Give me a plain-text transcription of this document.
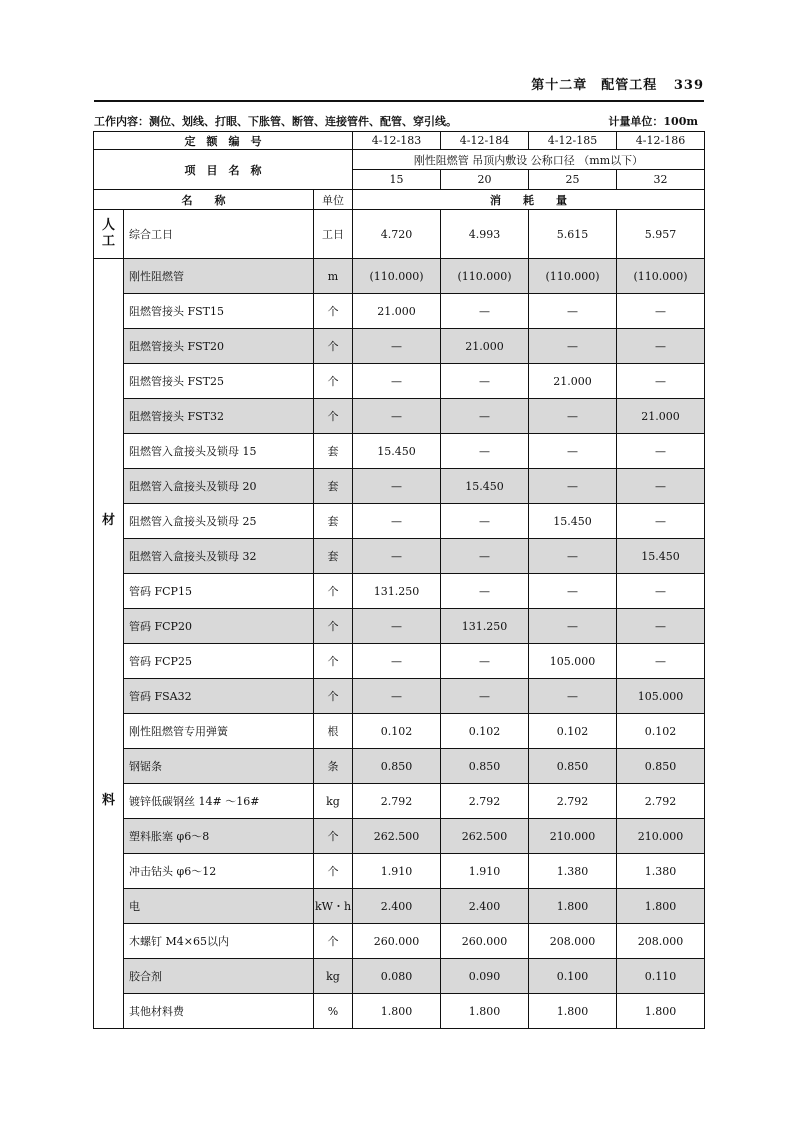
第十二章　配管工程 339
工作内容：测位、划线、打眼、下胀管、断管、连接管件、配管、穿引线。	计量单位：100m
定　额　编　号			4-12-183	4-12-184	4-12-185	4-12-186
项　目　名　称			刚性阻燃管 吊顶内敷设 公称口径 （mm以下）			
			15	20	25	32
名　　称		单位	消　　耗　　量			
人
工	综合工日	工日	4.720	4.993	5.615	5.957

材
料	刚性阻燃管	m	(110.000)	(110.000)	(110.000)	(110.000)
	阻燃管接头 FST15	个	21.000	—	—	—
	阻燃管接头 FST20	个	—	21.000	—	—
	阻燃管接头 FST25	个	—	—	21.000	—
	阻燃管接头 FST32	个	—	—	—	21.000
	阻燃管入盒接头及锁母 15	套	15.450	—	—	—
	阻燃管入盒接头及锁母 20	套	—	15.450	—	—
	阻燃管入盒接头及锁母 25	套	—	—	15.450	—
	阻燃管入盒接头及锁母 32	套	—	—	—	15.450
	管码 FCP15	个	131.250	—	—	—
	管码 FCP20	个	—	131.250	—	—
	管码 FCP25	个	—	—	105.000	—
	管码 FSA32	个	—	—	—	105.000
	刚性阻燃管专用弹簧	根	0.102	0.102	0.102	0.102
	钢锯条	条	0.850	0.850	0.850	0.850
	镀锌低碳钢丝 14# ～16#	kg	2.792	2.792	2.792	2.792
	塑料胀塞 φ6～8	个	262.500	262.500	210.000	210.000
	冲击钻头 φ6～12	个	1.910	1.910	1.380	1.380
	电	kW・h	2.400	2.400	1.800	1.800
	木螺钉 M4×65以内	个	260.000	260.000	208.000	208.000
	胶合剂	kg	0.080	0.090	0.100	0.110
	其他材料费	%	1.800	1.800	1.800	1.800
